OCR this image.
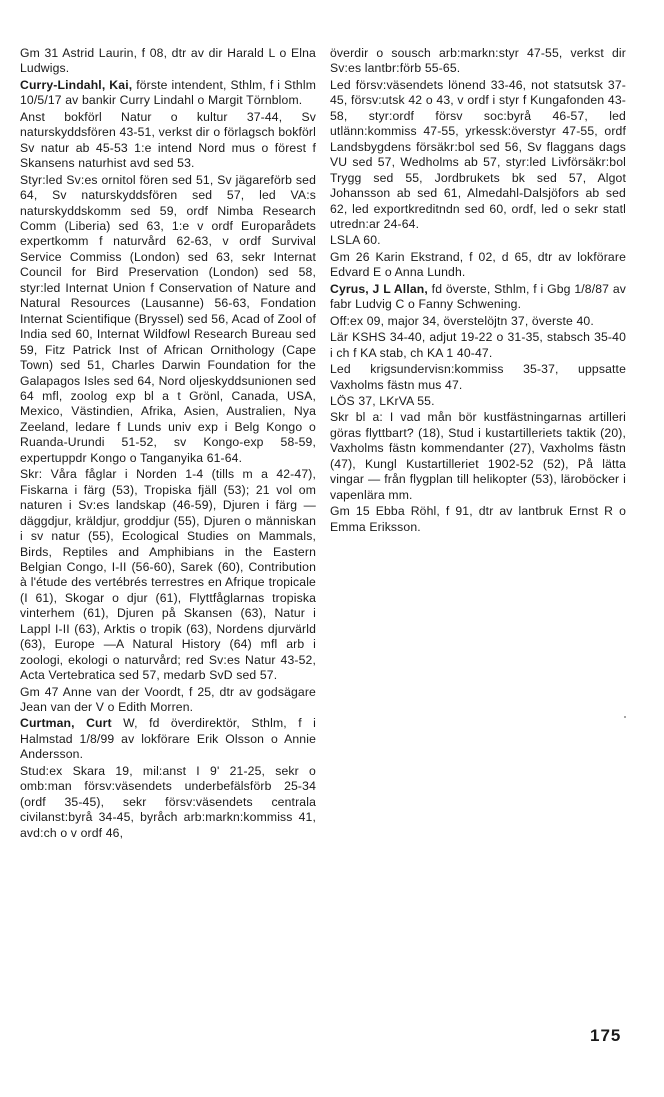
Gm 31 Astrid Laurin, f 08, dtr av dir Harald L o Elna Ludwigs.

Curry-Lindahl, Kai, förste intendent, Sthlm, f i Sthlm 10/5/17 av bankir Curry Lindahl o Margit Törnblom.

Anst bokförl Natur o kultur 37-44, Sv naturskyddsfören 43-51, verkst dir o förlagsch bokförl Sv natur ab 45-53 1:e intend Nord mus o förest f Skansens naturhist avd sed 53.

Styr:led Sv:es ornitol fören sed 51, Sv jägareförb sed 64, Sv naturskyddsfören sed 57, led VA:s naturskyddskomm sed 59, ordf Nimba Research Comm (Liberia) sed 63, 1:e v ordf Europarådets expertkomm f naturvård 62-63, v ordf Survival Service Commiss (London) sed 63, sekr Internat Council for Bird Preservation (London) sed 58, styr:led Internat Union f Conservation of Nature and Natural Resources (Lausanne) 56-63, Fondation Internat Scientifique (Bryssel) sed 56, Acad of Zool of India sed 60, Internat Wildfowl Research Bureau sed 59, Fitz Patrick Inst of African Ornithology (Cape Town) sed 51, Charles Darwin Foundation for the Galapagos Isles sed 64, Nord oljeskyddsunionen sed 64 mfl, zoolog exp bl a t Grönl, Canada, USA, Mexico, Västindien, Afrika, Asien, Australien, Nya Zeeland, ledare f Lunds univ exp i Belg Kongo o Ruanda-Urundi 51-52, sv Kongo-exp 58-59, expertuppdr Kongo o Tanganyika 61-64.

Skr: Våra fåglar i Norden 1-4 (tills m a 42-47), Fiskarna i färg (53), Tropiska fjäll (53); 21 vol om naturen i Sv:es landskap (46-59), Djuren i färg — däggdjur, kräldjur, groddjur (55), Djuren o människan i sv natur (55), Ecological Studies on Mammals, Birds, Reptiles and Amphibians in the Eastern Belgian Congo, I-II (56-60), Sarek (60), Contribution à l'étude des vertébrés terrestres en Afrique tropicale (I 61), Skogar o djur (61), Flyttfåglarnas tropiska vinterhem (61), Djuren på Skansen (63), Natur i Lappl I-II (63), Arktis o tropik (63), Nordens djurvärld (63), Europe —A Natural History (64) mfl arb i zoologi, ekologi o naturvård; red Sv:es Natur 43-52, Acta Vertebratica sed 57, medarb SvD sed 57.

Gm 47 Anne van der Voordt, f 25, dtr av godsägare Jean van der V o Edith Morren.

Curtman, Curt W, fd överdirektör, Sthlm, f i Halmstad 1/8/99 av lokförare Erik Olsson o Annie Andersson.

Stud:ex Skara 19, mil:anst I 9' 21-25, sekr o omb:man försv:väsendets underbefälsförb 25-34 (ordf 35-45), sekr försv:väsendets centrala civilanst:byrå 34-45, byråch arb:markn:kommiss 41, avd:ch o v ordf 46,

överdir o sousch arb:markn:styr 47-55, verkst dir Sv:es lantbr:förb 55-65.

Led försv:väsendets lönend 33-46, not statsutsk 37-45, försv:utsk 42 o 43, v ordf i styr f Kungafonden 43-58, styr:ordf försv soc:byrå 46-57, led utlänn:kommiss 47-55, yrkessk:överstyr 47-55, ordf Landsbygdens försäkr:bol sed 56, Sv flaggans dags VU sed 57, Wedholms ab 57, styr:led Livförsäkr:bol Trygg sed 55, Jordbrukets bk sed 57, Algot Johansson ab sed 61, Almedahl-Dalsjöfors ab sed 62, led exportkreditndn sed 60, ordf, led o sekr statl utredn:ar 24-64.

LSLA 60.

Gm 26 Karin Ekstrand, f 02, d 65, dtr av lokförare Edvard E o Anna Lundh.

Cyrus, J L Allan, fd överste, Sthlm, f i Gbg 1/8/87 av fabr Ludvig C o Fanny Schwening.

Off:ex 09, major 34, överstelöjtn 37, överste 40.

Lär KSHS 34-40, adjut 19-22 o 31-35, stabsch 35-40 i ch f KA stab, ch KA 1 40-47.

Led krigsundervisn:kommiss 35-37, uppsatte Vaxholms fästn mus 47.

LÖS 37, LKrVA 55.

Skr bl a: I vad mån bör kustfästningarnas artilleri göras flyttbart? (18), Stud i kustartilleriets taktik (20), Vaxholms fästn kommendanter (27), Vaxholms fästn (47), Kungl Kustartilleriet 1902-52 (52), På lätta vingar — från flygplan till helikopter (53), läroböcker i vapenlära mm.

Gm 15 Ebba Röhl, f 91, dtr av lantbruk Ernst R o Emma Eriksson.

175
